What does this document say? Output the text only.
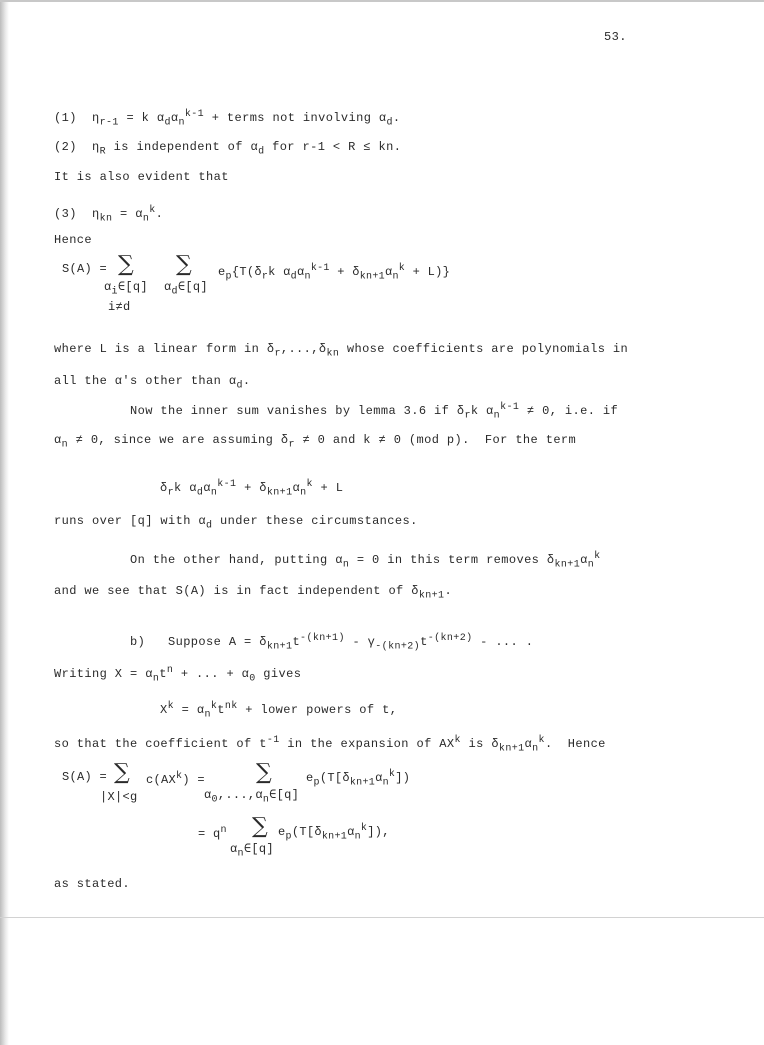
53.
(1) $\eta_{r-1} = k$ $\alpha_d\alpha_n^{k-1}$ + terms not involving $\alpha_d$.
(2) $\eta_R$ is independent of $\alpha_d$ for r-1 < R ≤ kn.
It is also evident that
(3) $\eta_{kn} = \alpha_n^k$.
Hence
S(A) = ∑ ∑
$\alpha_i\in[q]$
i≠d
$\alpha_d\in[q]$
$e_p\{T(\delta_rk$ $\alpha_d\alpha_n^{k-1} + \delta_{kn+1}\alpha_n^k + L$)}
where L is a linear form in $\delta_r,...,\delta_{kn}$ whose coefficients are polynomials in
all the α's other than $\alpha_d$.
Now the inner sum vanishes by lemma 3.6 if $\delta_rk$ $\alpha_n^{k-1} \ne 0$, i.e. if
$\alpha_n \ne 0$, since we are assuming $\delta_r \ne 0$ and k ≠ 0 (mod p).  For the term
$\delta_rk$ $\alpha_d\alpha_n^{k-1} + \delta_{kn+1}\alpha_n^k + L$
runs over [q] with $\alpha_d$ under these circumstances.
On the other hand, putting $\alpha_n = 0$ in this term removes $\delta_{kn+1}\alpha_n^k$
and we see that S(A) is in fact independent of $\delta_{kn+1}$.
b)   Suppose $A = \delta_{kn+1}t^{-(kn+1)} - \gamma_{-(kn+2)}t^{-(kn+2)}$ - ... .
Writing $X = \alpha_nt^n$ + ... + $\alpha_0$ gives
$X^k = \alpha_n^kt^{nk}$ + lower powers of t,
so that the coefficient of $t^{-1}$ in the expansion of $AX^k$ is $\delta_{kn+1}\alpha_n^k$. Hence
S(A) = ∑
|X|<g
$c(AX^k)$ = ∑
$\alpha_0,...,\alpha_n\in[q]$
$e_p(T[\delta_{kn+1}\alpha_n^k])$
= $q^n$ ∑
$\alpha_n\in[q]$
$e_p(T[\delta_{kn+1}\alpha_n^k])$,
as stated.
